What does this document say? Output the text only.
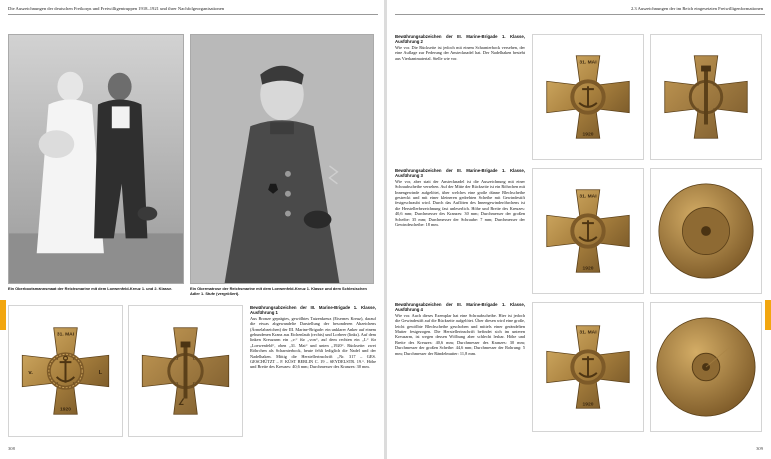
Die Auszeichnungen der deutschen Freikorps und Freiwilligentruppen 1918–1921 und ihrer Nachfolgeorganisationen
Ein Oberbootsmannsmaat der Reichsmarine mit dem Loewenfeld-Kreuz 1. und 2. Klasse.	Ein Obermatrose der Reichsmarine mit dem Loewenfeld-Kreuz 1. Klasse und dem Schlesischen Adler 1. Stufe (vergrößert).
31. MAI
v.	L
1920
Bewährungsabzeichen der III. Marine-Brigade 1. Klasse, Ausführung 1
Aus Bronze geprägtes, gewölbtes Tatzenkreuz (Eisernes Kreuz), darauf die etwas abgewandelte Darstellung der besonderen Abzeichens (Ärmelabzeichen) der III. Marine-Brigade: ein unklarer Anker auf einem gebundenen Kranz aus Eichenlaub (rechts) und Lorbeer (links). Auf dem linken Kreuzarm ein „v.“ für „von“, auf dem rechten ein „L“ für „Loewenfeld“, oben „31. Mai“ und unten „1920“. Rückseite: zwei Röhrchen als Scharnierbock, heute fehlt lediglich die Nadel und der Nadelhaken. Mittig die Herstellerinschrift „Nr. 317 – GES. GESCHÜTZT – F. KÜST BERLIN C. 19 – SEYDELSTR. 19.“. Höhe und Breite des Kreuzes: 40,6 mm; Durchmesser des Kranzes: 30 mm.
308
2.3 Auszeichnungen der im Reich eingesetzten Freiwilligenformationen
Bewährungsabzeichen der III. Marine-Brigade 1. Klasse, Ausführung 2
Wie vor. Die Rückseite ist jedoch mit einem Scharnierbock versehen, der eine Auflage zur Federung der Anstecknadel hat. Der Nadelhaken besteht aus Vierkantmaterial. Stelle wie vor.
31. MAI
1920
Bewährungsabzeichen der III. Marine-Brigade 1. Klasse, Ausführung 3
Wie vor, aber statt der Anstecknadel ist die Auszeichnung mit einer Schraubscheibe versehen. Auf der Mitte der Rückseite ist ein Röhrchen mit Innengewinde aufgelötet, über welches eine große dünne Blechscheibe gestreckt und mit einer kleineren gedrehten Scheibe mit Gewindestift festgeschraubt wird. Durch das Auflöten des Innengewinderöhrchens ist die Herstellerbezeichnung fast unleserlich. Höhe und Breite des Kreuzes: 40,6 mm; Durchmesser des Kranzes: 30 mm; Durchmesser der großen Scheibe: 35 mm; Durchmesser der Schraube: 7 mm; Durchmesser der Gewindescheibe: 18 mm.
31. MAI
1920
Bewährungsabzeichen der III. Marine-Brigade 1. Klasse, Ausführung 4
Wie vor. Auch dieses Exemplar hat eine Schraubscheibe. Hier ist jedoch die Gewindestift auf die Rückseite aufgelötet. Über diesen wird eine große, leicht gewölbte Blechscheibe geschoben und mittels einer gerändelten Mutter festgezogen. Die Herstellerinschrift befindet sich im unteren Kreuzarm, ist wegen dessen Wölbung aber schlecht lesbar. Höhe und Breite des Kreuzes: 40,6 mm; Durchmesser des Kranzes: 30 mm; Durchmesser der großen Scheibe: 44,6 mm; Durchmesser der Rohrung: 5 mm; Durchmesser der Rändelmutter: 11,8 mm.
31. MAI
1920
309
